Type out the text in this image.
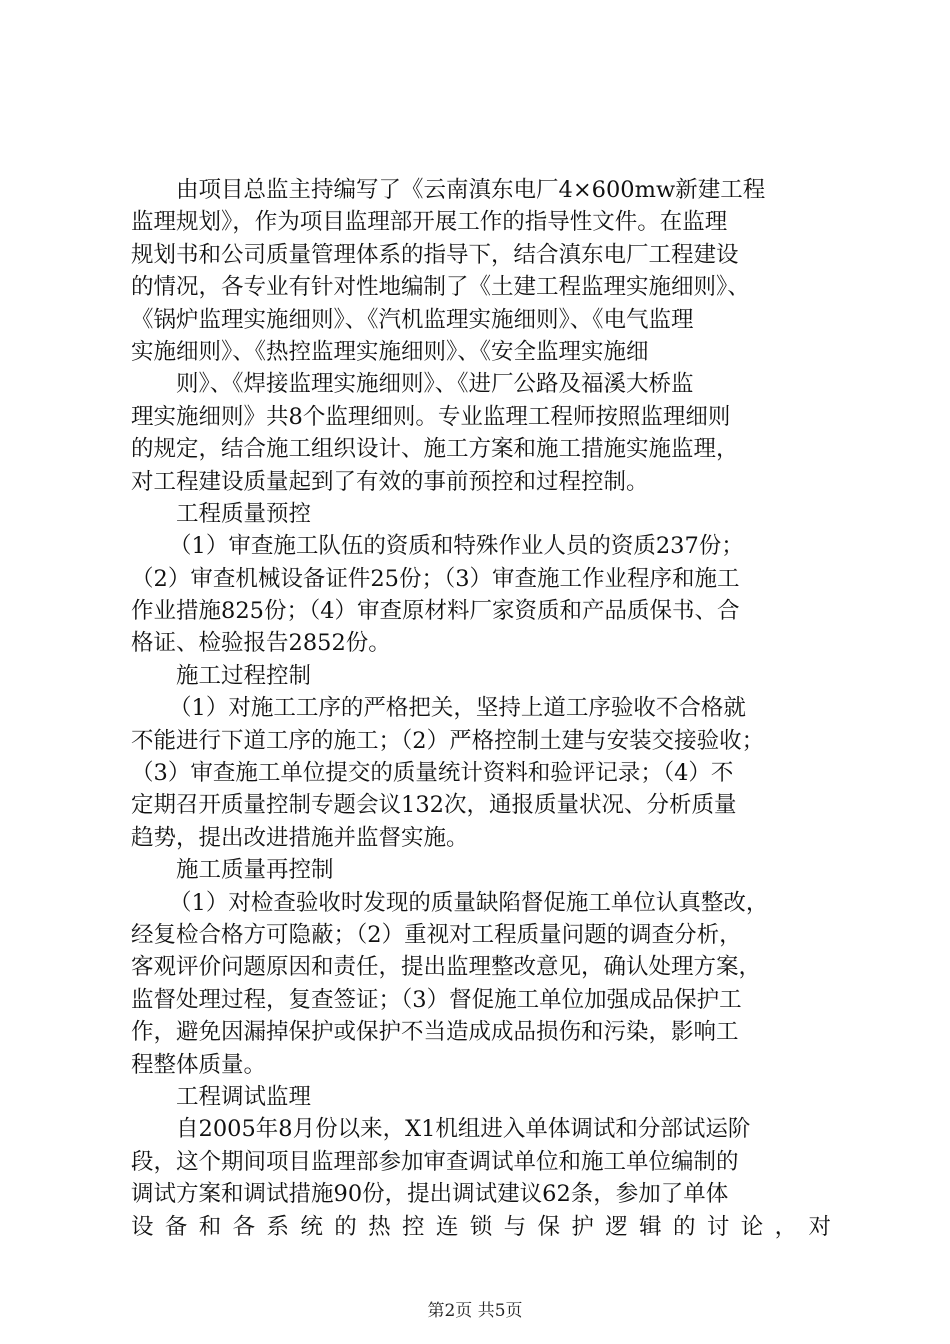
由项目总监主持编写了《云南滇东电厂4×600mw新建工程
监理规划》，作为项目监理部开展工作的指导性文件。在监理
规划书和公司质量管理体系的指导下，结合滇东电厂工程建设
的情况，各专业有针对性地编制了《土建工程监理实施细则》、
《锅炉监理实施细则》、《汽机监理实施细则》、《电气监理
实施细则》、《热控监理实施细则》、《安全监理实施细
则》、《焊接监理实施细则》、《进厂公路及福溪大桥监
理实施细则》共8个监理细则。专业监理工程师按照监理细则
的规定，结合施工组织设计、施工方案和施工措施实施监理，
对工程建设质量起到了有效的事前预控和过程控制。
工程质量预控
（1）审查施工队伍的资质和特殊作业人员的资质237份；
（2）审查机械设备证件25份；（3）审查施工作业程序和施工
作业措施825份；（4）审查原材料厂家资质和产品质保书、合
格证、检验报告2852份。
施工过程控制
（1）对施工工序的严格把关，坚持上道工序验收不合格就
不能进行下道工序的施工；（2）严格控制土建与安装交接验收；
（3）审查施工单位提交的质量统计资料和验评记录；（4）不
定期召开质量控制专题会议132次，通报质量状况、分析质量
趋势，提出改进措施并监督实施。
施工质量再控制
（1）对检查验收时发现的质量缺陷督促施工单位认真整改，
经复检合格方可隐蔽；（2）重视对工程质量问题的调查分析，
客观评价问题原因和责任，提出监理整改意见，确认处理方案，
监督处理过程，复查签证；（3）督促施工单位加强成品保护工
作，避免因漏掉保护或保护不当造成成品损伤和污染，影响工
程整体质量。
工程调试监理
自2005年8月份以来，X1机组进入单体调试和分部试运阶
段，这个期间项目监理部参加审查调试单位和施工单位编制的
调试方案和调试措施90份，提出调试建议62条，参加了单体
设备和各系统的热控连锁与保护逻辑的讨论，对
第2页 共5页
